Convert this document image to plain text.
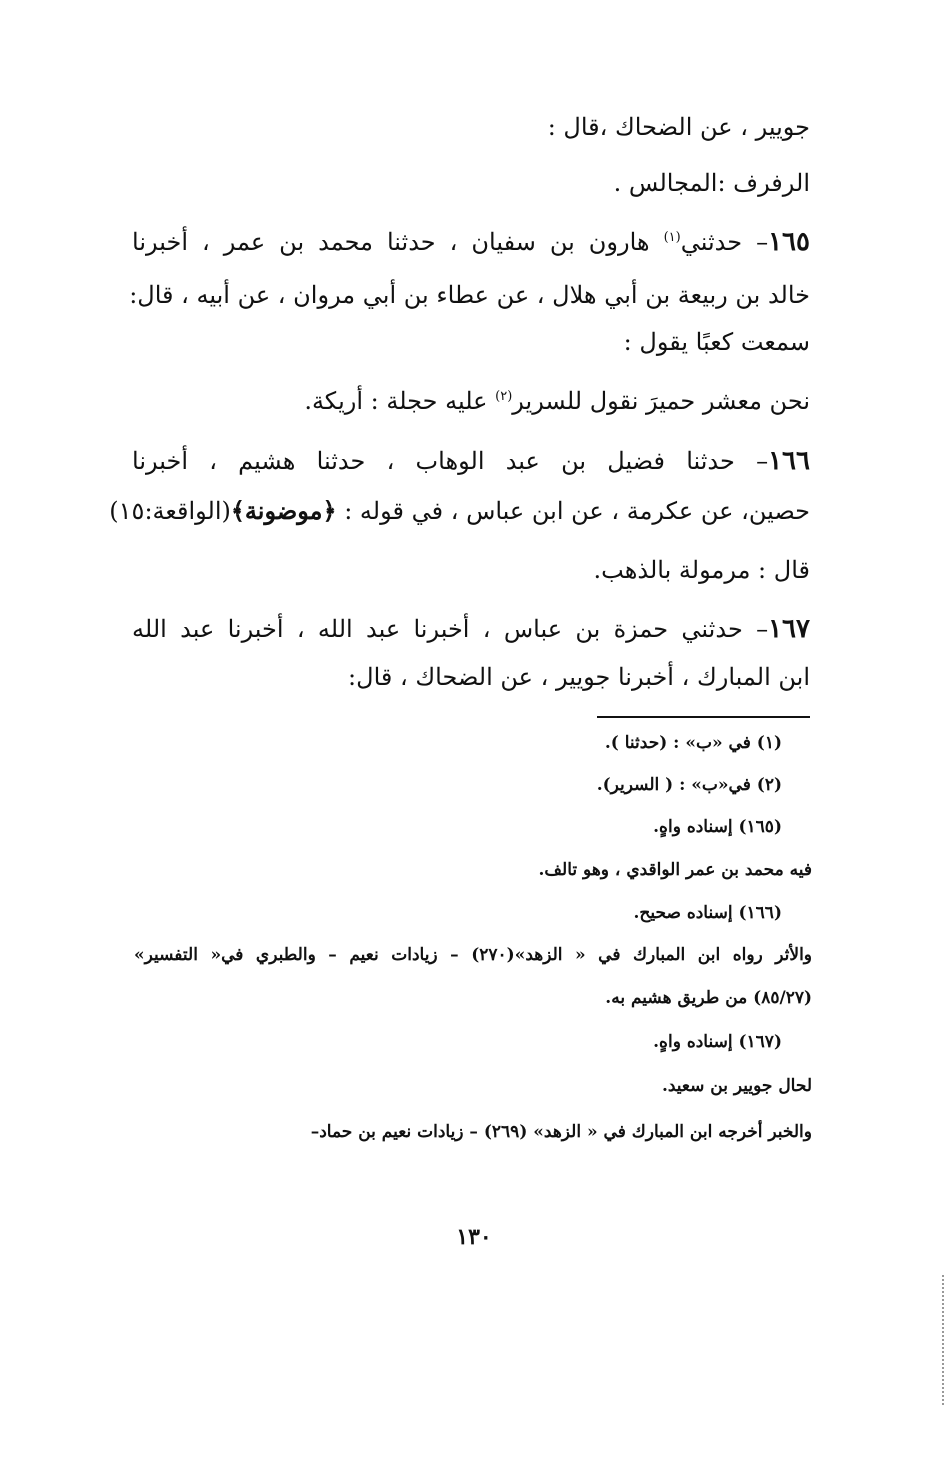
جويير ، عن الضحاك ،قال :
الرفرف :المجالس .
١٦٥– حدثني$^{(١)}$ هارون بن سفيان ، حدثنا محمد بن عمر ، أخبرنا
خالد بن ربيعة بن أبي هلال ، عن عطاء بن أبي مروان ، عن أبيه ، قال:
سمعت كعبًا يقول :
نحن معشر حميرَ نقول للسرير$^{(٢)}$ عليه حجلة : أريكة.
١٦٦– حدثنا فضيل بن عبد الوهاب ، حدثنا هشيم ، أخبرنا
حصين، عن عكرمة ، عن ابن عباس ، في قوله : ﴿موضونة﴾(الواقعة:١٥)
قال : مرمولة بالذهب.
١٦٧– حدثني حمزة بن عباس ، أخبرنا عبد الله ، أخبرنا عبد الله
ابن المبارك ، أخبرنا جويير ، عن الضحاك ، قال:
(١) في «ب» : (حدثنا ).
(٢) في«ب» : ( السرير).
(١٦٥) إسناده واهٍ.
فيه محمد بن عمر الواقدي ، وهو تالف.
(١٦٦) إسناده صحيح.
والأثر رواه ابن المبارك في « الزهد»(٢٧٠) – زيادات نعيم – والطبري في« التفسير»
(٨٥/٢٧) من طريق هشيم به.
(١٦٧) إسناده واهٍ.
لحال جويير بن سعيد.
والخبر أخرجه ابن المبارك في « الزهد» (٢٦٩) – زيادات نعيم بن حماد–
١٣٠
